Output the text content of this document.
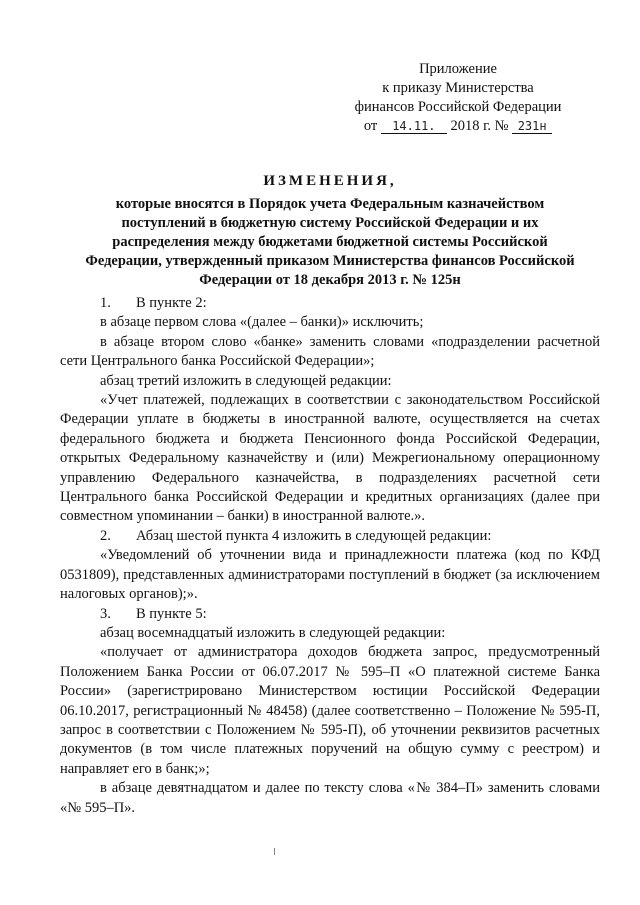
Приложение
к приказу Министерства
финансов Российской Федерации
от 14.11. 2018 г. № 231н
ИЗМЕНЕНИЯ,
которые вносятся в Порядок учета Федеральным казначейством
поступлений в бюджетную систему Российской Федерации и их
распределения между бюджетами бюджетной системы Российской
Федерации, утвержденный приказом Министерства финансов Российской
Федерации от 18 декабря 2013 г. № 125н

1. В пункте 2:

в абзаце первом слова «(далее – банки)» исключить;

в абзаце втором слово «банке» заменить словами «подразделении расчетной сети Центрального банка Российской Федерации»;

абзац третий изложить в следующей редакции:

«Учет платежей, подлежащих в соответствии с законодательством Российской Федерации уплате в бюджеты в иностранной валюте, осуществляется на счетах федерального бюджета и бюджета Пенсионного фонда Российской Федерации, открытых Федеральному казначейству и (или) Межрегиональному операционному управлению Федерального казначейства, в подразделениях расчетной сети Центрального банка Российской Федерации и кредитных организациях (далее при совместном упоминании – банки) в иностранной валюте.».

2. Абзац шестой пункта 4 изложить в следующей редакции:

«Уведомлений об уточнении вида и принадлежности платежа (код по КФД 0531809), представленных администраторами поступлений в бюджет (за исключением налоговых органов);».

3. В пункте 5:

абзац восемнадцатый изложить в следующей редакции:

«получает от администратора доходов бюджета запрос, предусмотренный Положением Банка России от 06.07.2017 № 595–П «О платежной системе Банка России» (зарегистрировано Министерством юстиции Российской Федерации 06.10.2017, регистрационный № 48458) (далее соответственно – Положение № 595-П, запрос в соответствии с Положением № 595-П), об уточнении реквизитов расчетных документов (в том числе платежных поручений на общую сумму с реестром) и направляет его в банк;»;

в абзаце девятнадцатом и далее по тексту слова «№ 384–П» заменить словами «№ 595–П».
